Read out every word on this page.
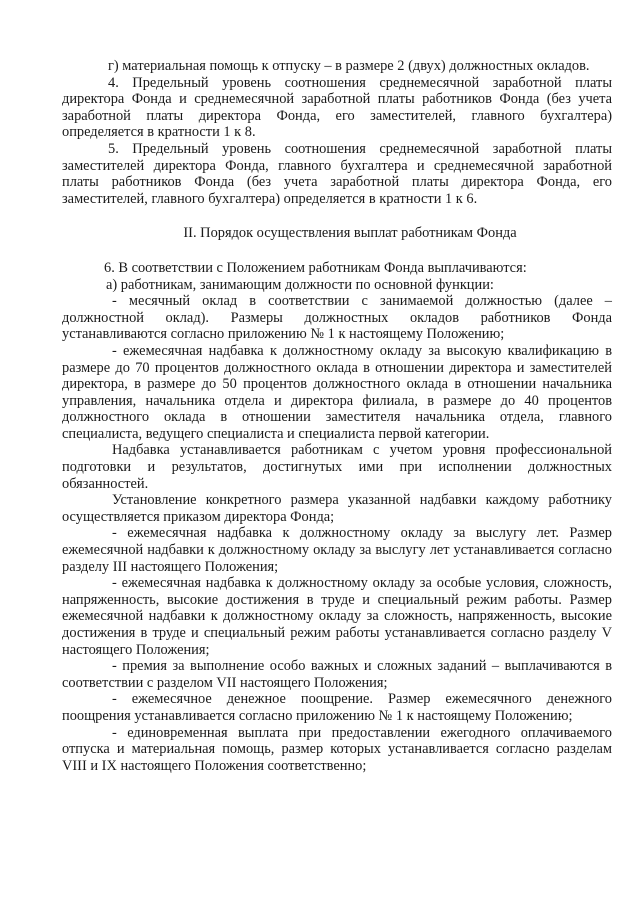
г) материальная помощь к отпуску – в размере 2 (двух) должностных окладов.

4. Предельный уровень соотношения среднемесячной заработной платы директора Фонда и среднемесячной заработной платы работников Фонда (без учета заработной платы директора Фонда, его заместителей, главного бухгалтера) определяется в кратности 1 к 8.

5. Предельный уровень соотношения среднемесячной заработной платы заместителей директора Фонда, главного бухгалтера и среднемесячной заработной платы работников Фонда (без учета заработной платы директора Фонда, его заместителей, главного бухгалтера) определяется в кратности 1 к 6.

II. Порядок осуществления выплат работникам Фонда

6. В соответствии с Положением работникам Фонда выплачиваются:

а) работникам, занимающим должности по основной функции:

- месячный оклад в соответствии с занимаемой должностью (далее – должностной оклад). Размеры должностных окладов работников Фонда устанавливаются согласно приложению № 1 к настоящему Положению;

- ежемесячная надбавка к должностному окладу за высокую квалификацию в размере до 70 процентов должностного оклада в отношении директора и заместителей директора, в размере до 50 процентов должностного оклада в отношении начальника управления, начальника отдела и директора филиала, в размере до 40 процентов должностного оклада в отношении заместителя начальника отдела, главного специалиста, ведущего специалиста и специалиста первой категории.

Надбавка устанавливается работникам с учетом уровня профессиональной подготовки и результатов, достигнутых ими при исполнении должностных обязанностей.

Установление конкретного размера указанной надбавки каждому работнику осуществляется приказом директора Фонда;

- ежемесячная надбавка к должностному окладу за выслугу лет. Размер ежемесячной надбавки к должностному окладу за выслугу лет устанавливается согласно разделу III настоящего Положения;

- ежемесячная надбавка к должностному окладу за особые условия, сложность, напряженность, высокие достижения в труде и специальный режим работы. Размер ежемесячной надбавки к должностному окладу за сложность, напряженность, высокие достижения в труде и специальный режим работы устанавливается согласно разделу V настоящего Положения;

- премия за выполнение особо важных и сложных заданий – выплачиваются в соответствии с разделом VII настоящего Положения;

- ежемесячное денежное поощрение. Размер ежемесячного денежного поощрения устанавливается согласно приложению № 1 к настоящему Положению;

- единовременная выплата при предоставлении ежегодного оплачиваемого отпуска и материальная помощь, размер которых устанавливается согласно разделам VIII и IX настоящего Положения соответственно;
